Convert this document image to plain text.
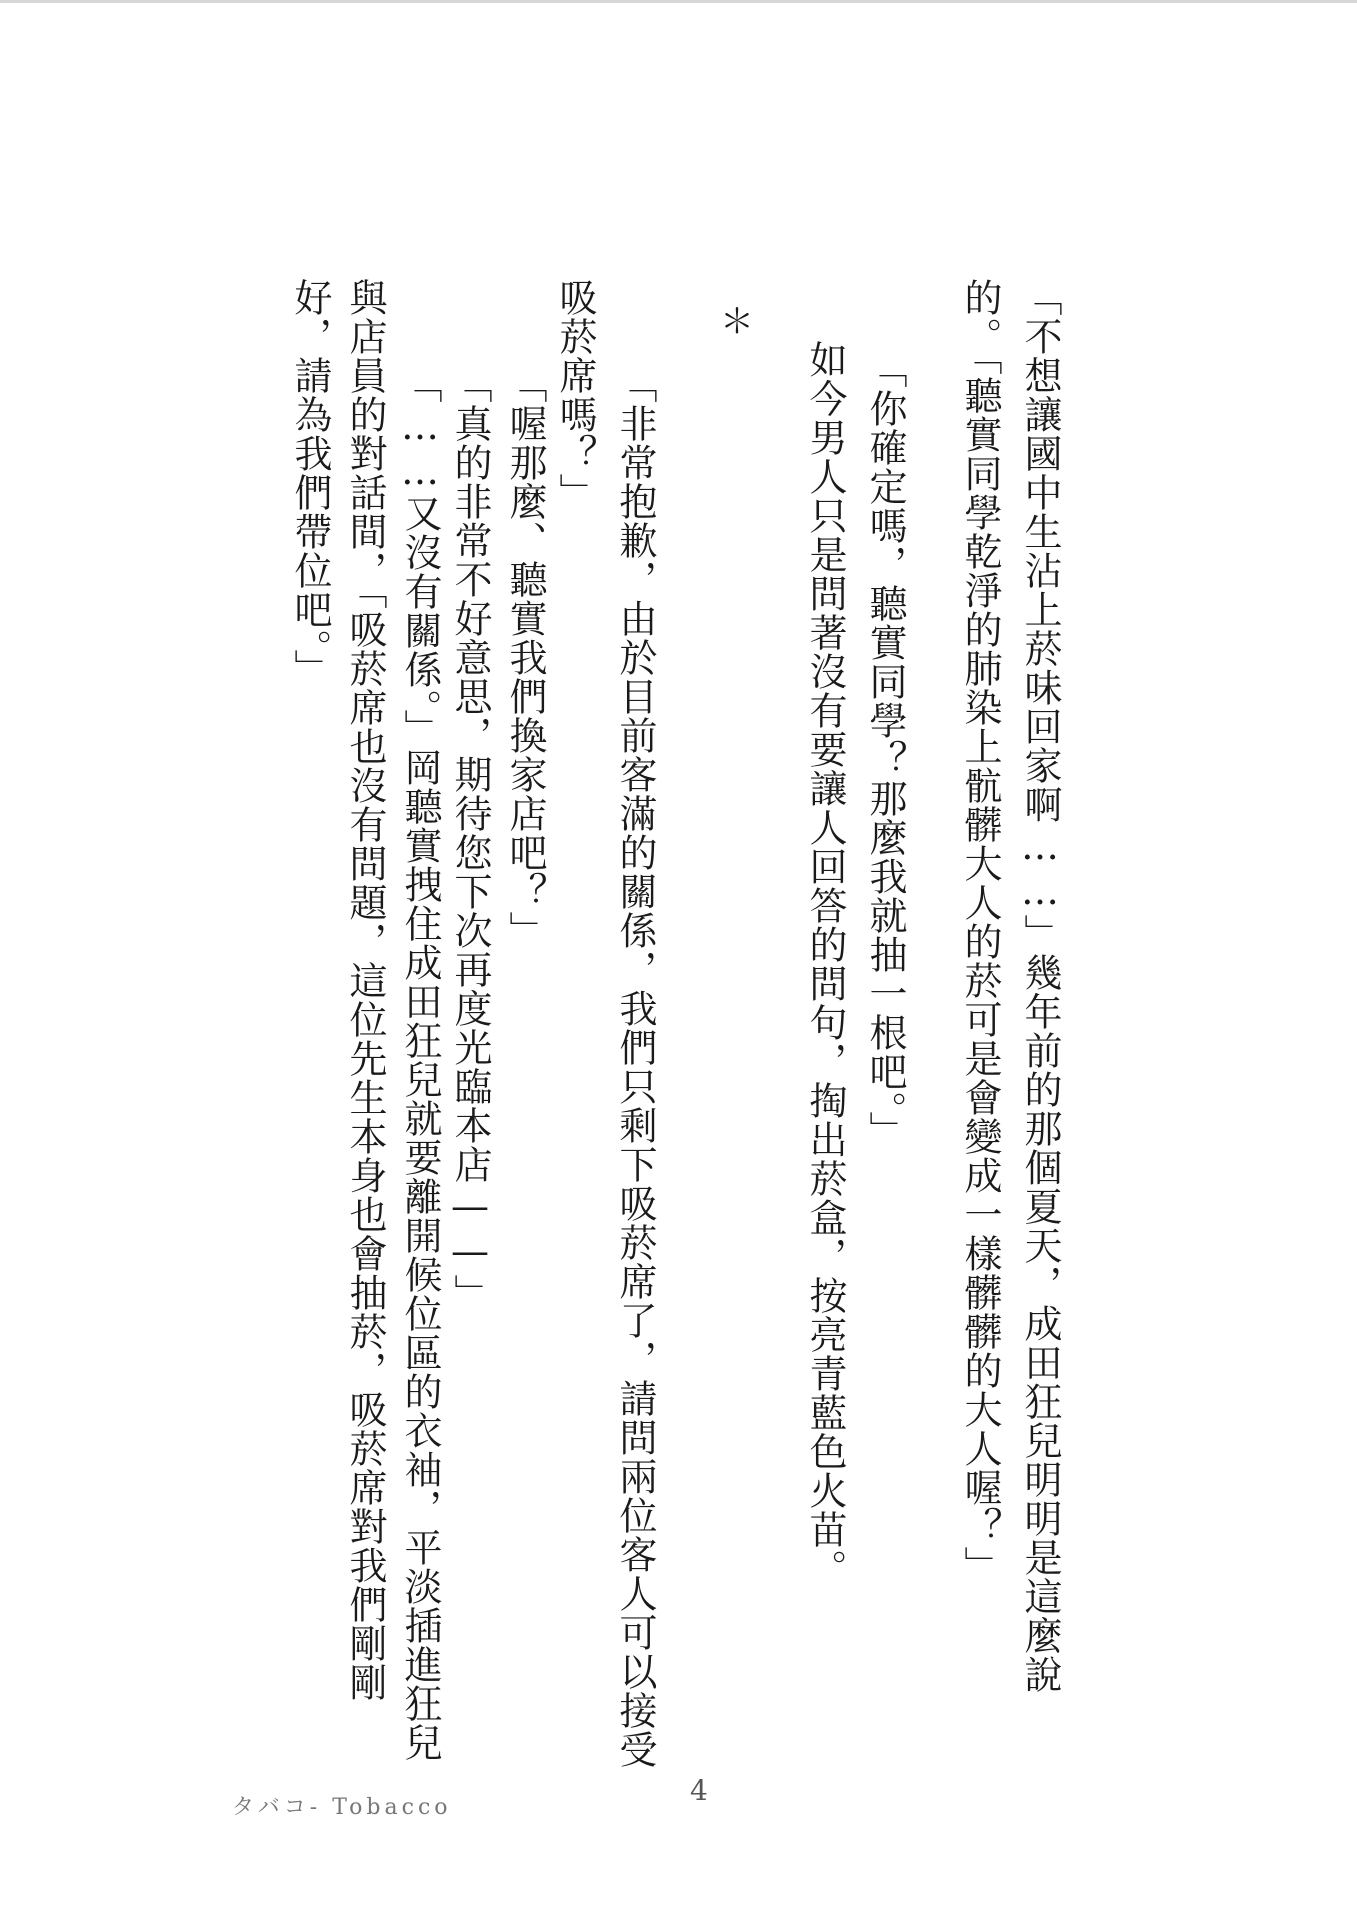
「不想讓國中生沾上菸味回家啊……」幾年前的那個夏天，成田狂兒明明是這麼說
的。「聽實同學乾淨的肺染上骯髒大人的菸可是會變成一樣髒髒的大人喔？」
「你確定嗎，聽實同學？那麼我就抽一根吧。」
如今男人只是問著沒有要讓人回答的問句，掏出菸盒，按亮青藍色火苗。
＊
「非常抱歉，由於目前客滿的關係，我們只剩下吸菸席了，請問兩位客人可以接受
吸菸席嗎？」
「喔那麼、聽實我們換家店吧？」
「真的非常不好意思，期待您下次再度光臨本店——」
「……又沒有關係。」岡聽實拽住成田狂兒就要離開候位區的衣袖，平淡插進狂兒
與店員的對話間，「吸菸席也沒有問題，這位先生本身也會抽菸，吸菸席對我們剛剛
好，請為我們帶位吧。」
タバコ- Tobacco
4
